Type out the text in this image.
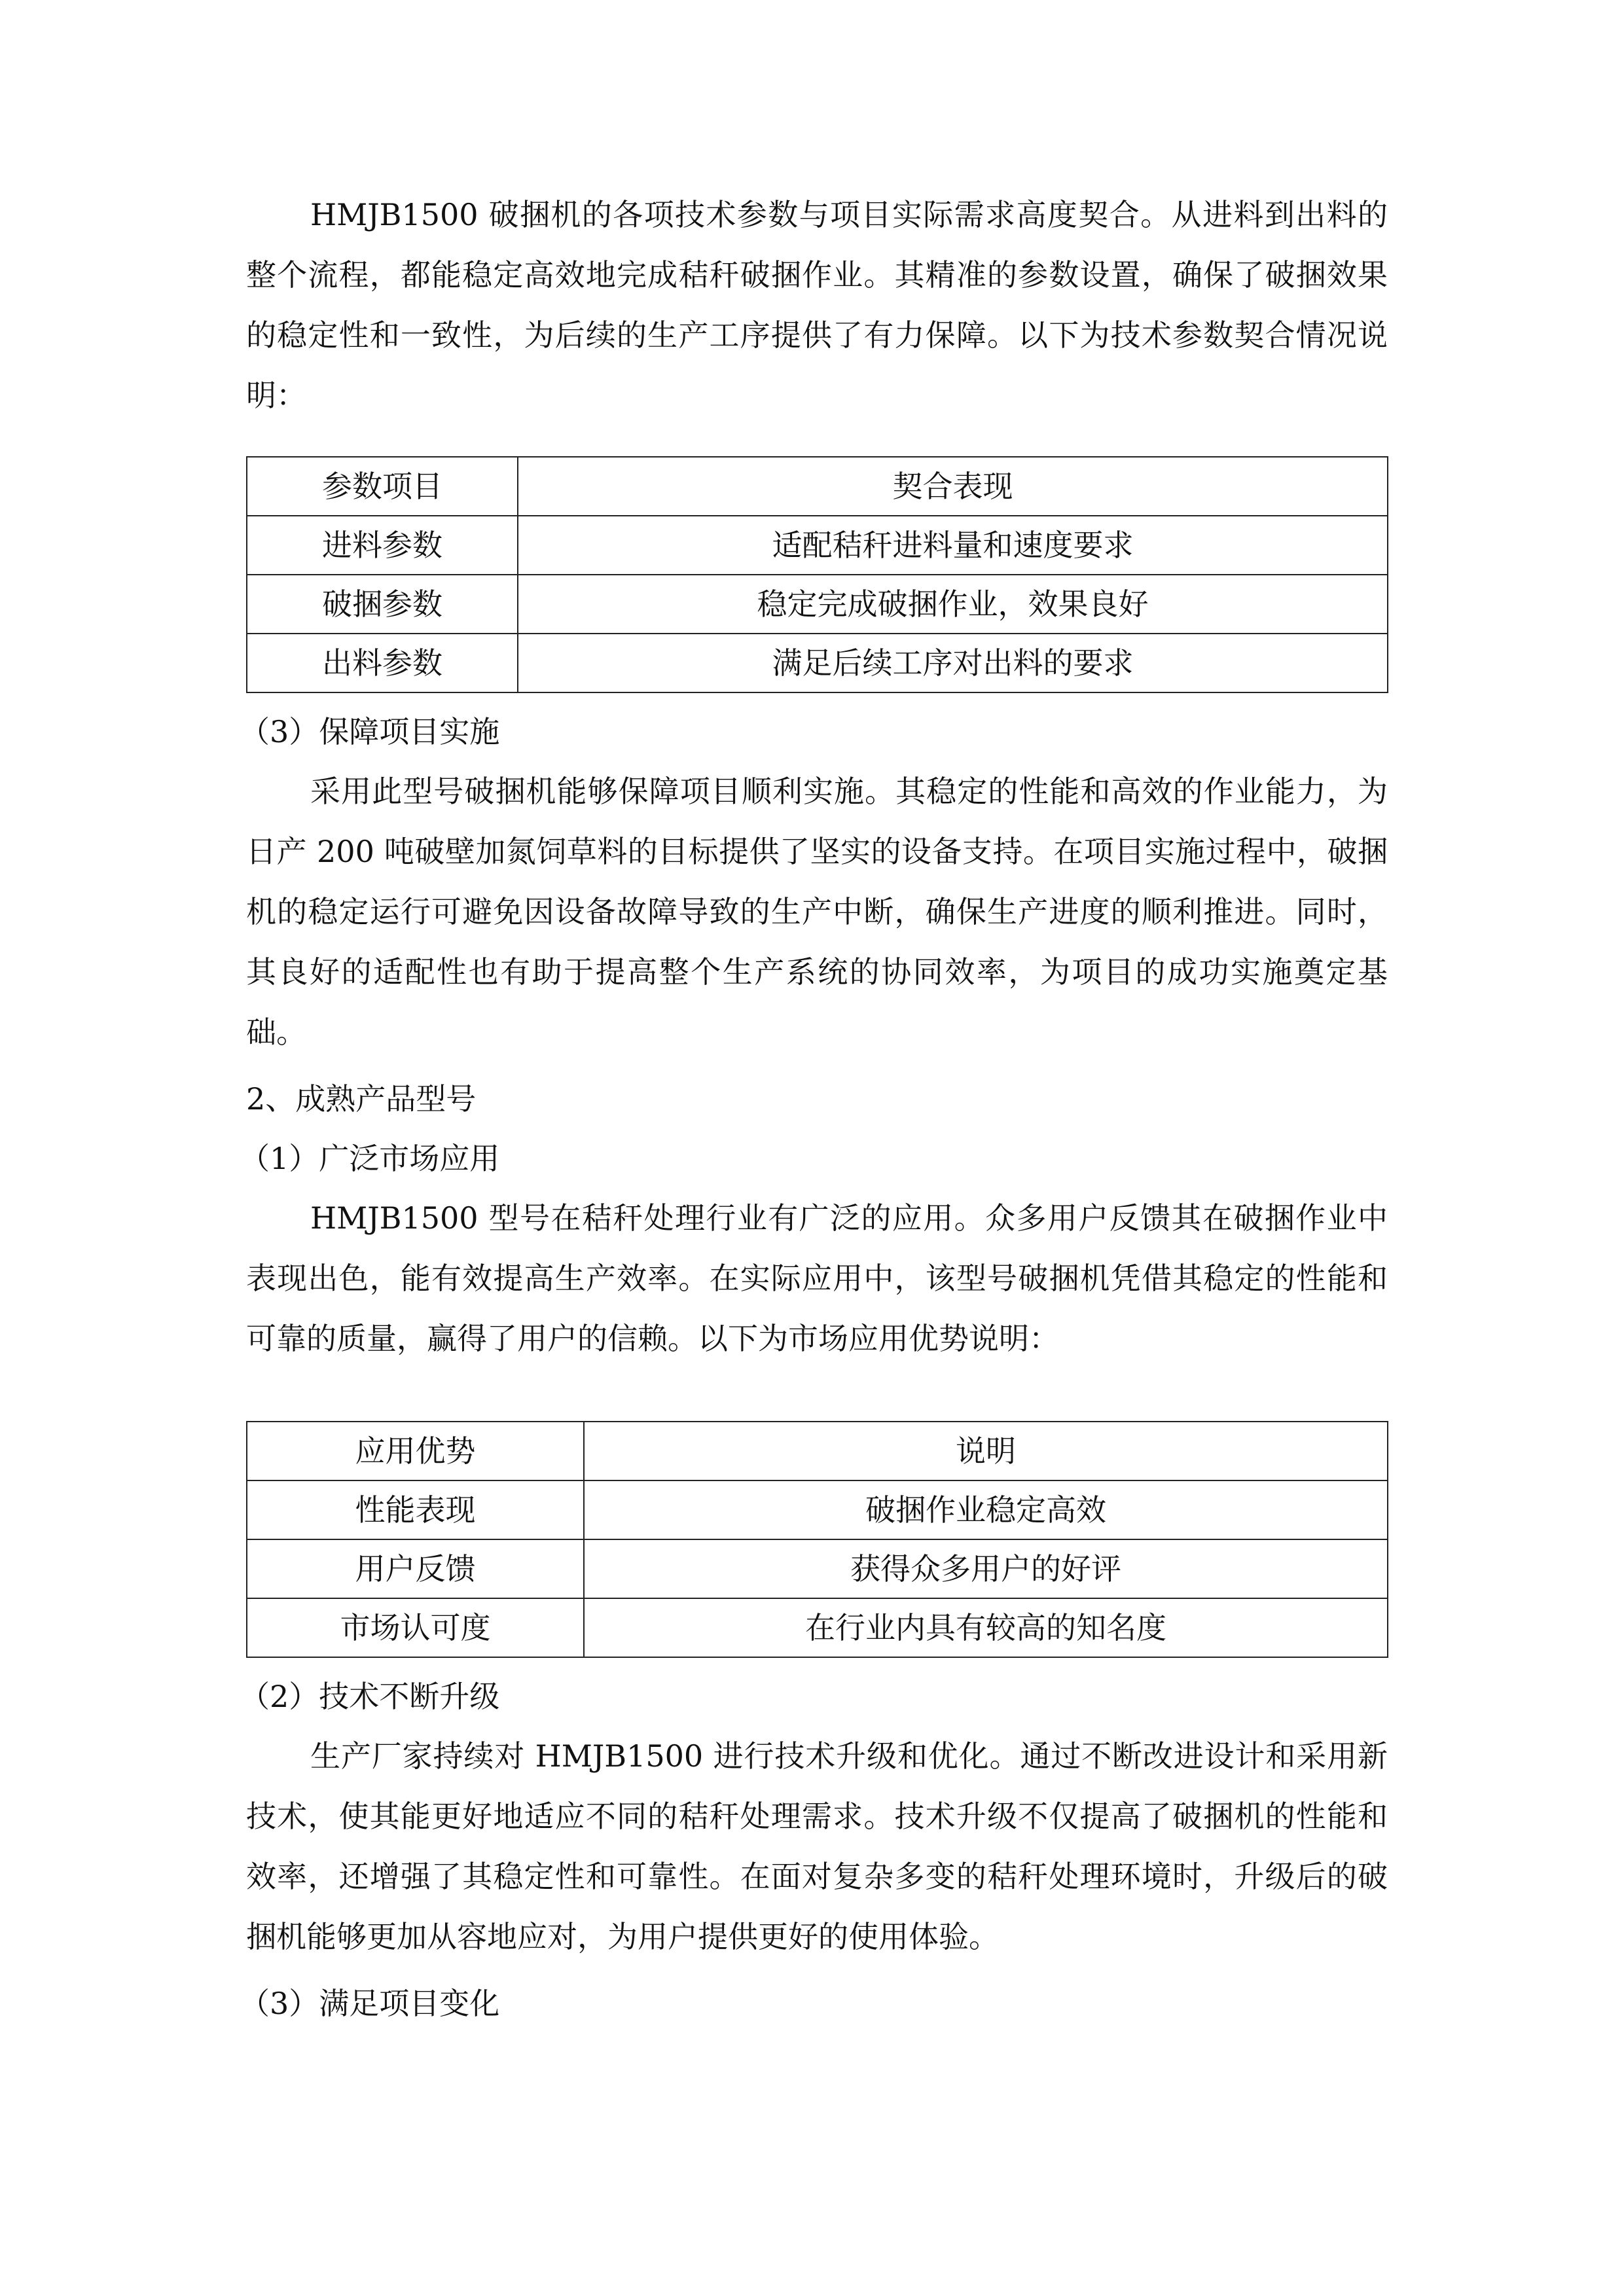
HMJB1500 破捆机的各项技术参数与项目实际需求高度契合。从进料到出料的整个流程，都能稳定高效地完成秸秆破捆作业。其精准的参数设置，确保了破捆效果的稳定性和一致性，为后续的生产工序提供了有力保障。以下为技术参数契合情况说明：

参数项目	契合表现
进料参数	适配秸秆进料量和速度要求
破捆参数	稳定完成破捆作业，效果良好
出料参数	满足后续工序对出料的要求

（3）保障项目实施

采用此型号破捆机能够保障项目顺利实施。其稳定的性能和高效的作业能力，为日产 200 吨破壁加氮饲草料的目标提供了坚实的设备支持。在项目实施过程中，破捆机的稳定运行可避免因设备故障导致的生产中断，确保生产进度的顺利推进。同时，其良好的适配性也有助于提高整个生产系统的协同效率，为项目的成功实施奠定基础。

2、成熟产品型号

（1）广泛市场应用

HMJB1500 型号在秸秆处理行业有广泛的应用。众多用户反馈其在破捆作业中表现出色，能有效提高生产效率。在实际应用中，该型号破捆机凭借其稳定的性能和可靠的质量，赢得了用户的信赖。以下为市场应用优势说明：

应用优势	说明
性能表现	破捆作业稳定高效
用户反馈	获得众多用户的好评
市场认可度	在行业内具有较高的知名度

（2）技术不断升级

生产厂家持续对 HMJB1500 进行技术升级和优化。通过不断改进设计和采用新技术，使其能更好地适应不同的秸秆处理需求。技术升级不仅提高了破捆机的性能和效率，还增强了其稳定性和可靠性。在面对复杂多变的秸秆处理环境时，升级后的破捆机能够更加从容地应对，为用户提供更好的使用体验。

（3）满足项目变化
